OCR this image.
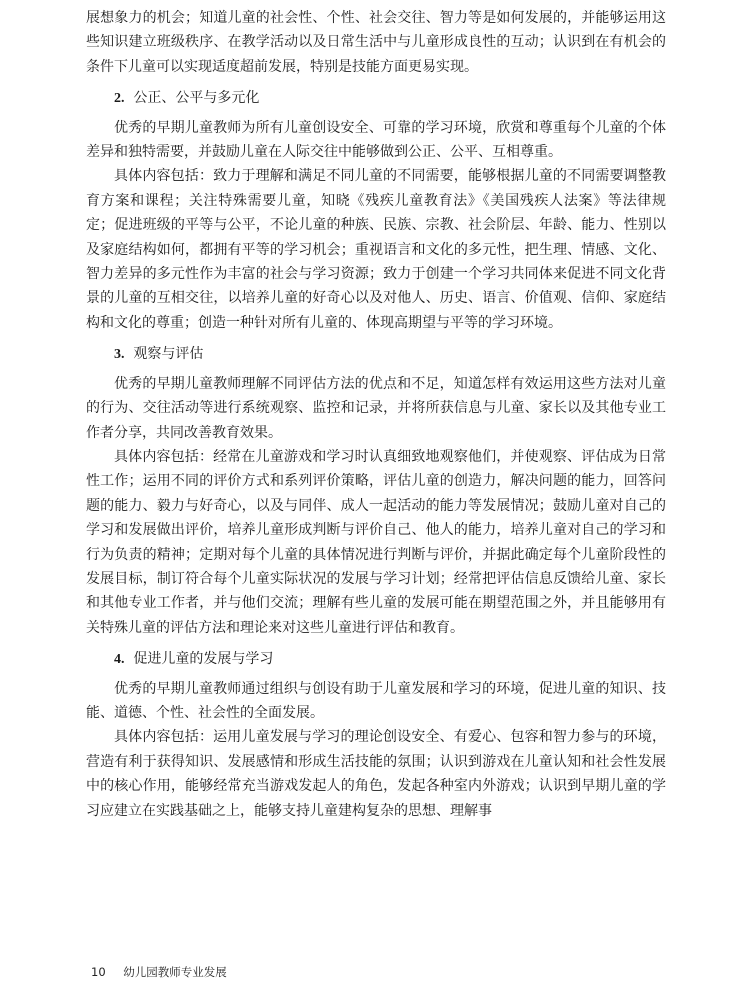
展想象力的机会；知道儿童的社会性、个性、社会交往、智力等是如何发展的，并能够运用这些知识建立班级秩序、在教学活动以及日常生活中与儿童形成良性的互动；认识到在有机会的条件下儿童可以实现适度超前发展，特别是技能方面更易实现。

2. 公正、公平与多元化

优秀的早期儿童教师为所有儿童创设安全、可靠的学习环境，欣赏和尊重每个儿童的个体差异和独特需要，并鼓励儿童在人际交往中能够做到公正、公平、互相尊重。

具体内容包括：致力于理解和满足不同儿童的不同需要，能够根据儿童的不同需要调整教育方案和课程；关注特殊需要儿童，知晓《残疾儿童教育法》《美国残疾人法案》等法律规定；促进班级的平等与公平，不论儿童的种族、民族、宗教、社会阶层、年龄、能力、性别以及家庭结构如何，都拥有平等的学习机会；重视语言和文化的多元性，把生理、情感、文化、智力差异的多元性作为丰富的社会与学习资源；致力于创建一个学习共同体来促进不同文化背景的儿童的互相交往，以培养儿童的好奇心以及对他人、历史、语言、价值观、信仰、家庭结构和文化的尊重；创造一种针对所有儿童的、体现高期望与平等的学习环境。

3. 观察与评估

优秀的早期儿童教师理解不同评估方法的优点和不足，知道怎样有效运用这些方法对儿童的行为、交往活动等进行系统观察、监控和记录，并将所获信息与儿童、家长以及其他专业工作者分享，共同改善教育效果。

具体内容包括：经常在儿童游戏和学习时认真细致地观察他们，并使观察、评估成为日常性工作；运用不同的评价方式和系列评价策略，评估儿童的创造力，解决问题的能力，回答问题的能力、毅力与好奇心，以及与同伴、成人一起活动的能力等发展情况；鼓励儿童对自己的学习和发展做出评价，培养儿童形成判断与评价自己、他人的能力，培养儿童对自己的学习和行为负责的精神；定期对每个儿童的具体情况进行判断与评价，并据此确定每个儿童阶段性的发展目标，制订符合每个儿童实际状况的发展与学习计划；经常把评估信息反馈给儿童、家长和其他专业工作者，并与他们交流；理解有些儿童的发展可能在期望范围之外，并且能够用有关特殊儿童的评估方法和理论来对这些儿童进行评估和教育。

4. 促进儿童的发展与学习

优秀的早期儿童教师通过组织与创设有助于儿童发展和学习的环境，促进儿童的知识、技能、道德、个性、社会性的全面发展。

具体内容包括：运用儿童发展与学习的理论创设安全、有爱心、包容和智力参与的环境，营造有利于获得知识、发展感情和形成生活技能的氛围；认识到游戏在儿童认知和社会性发展中的核心作用，能够经常充当游戏发起人的角色，发起各种室内外游戏；认识到早期儿童的学习应建立在实践基础之上，能够支持儿童建构复杂的思想、理解事

10 幼儿园教师专业发展
